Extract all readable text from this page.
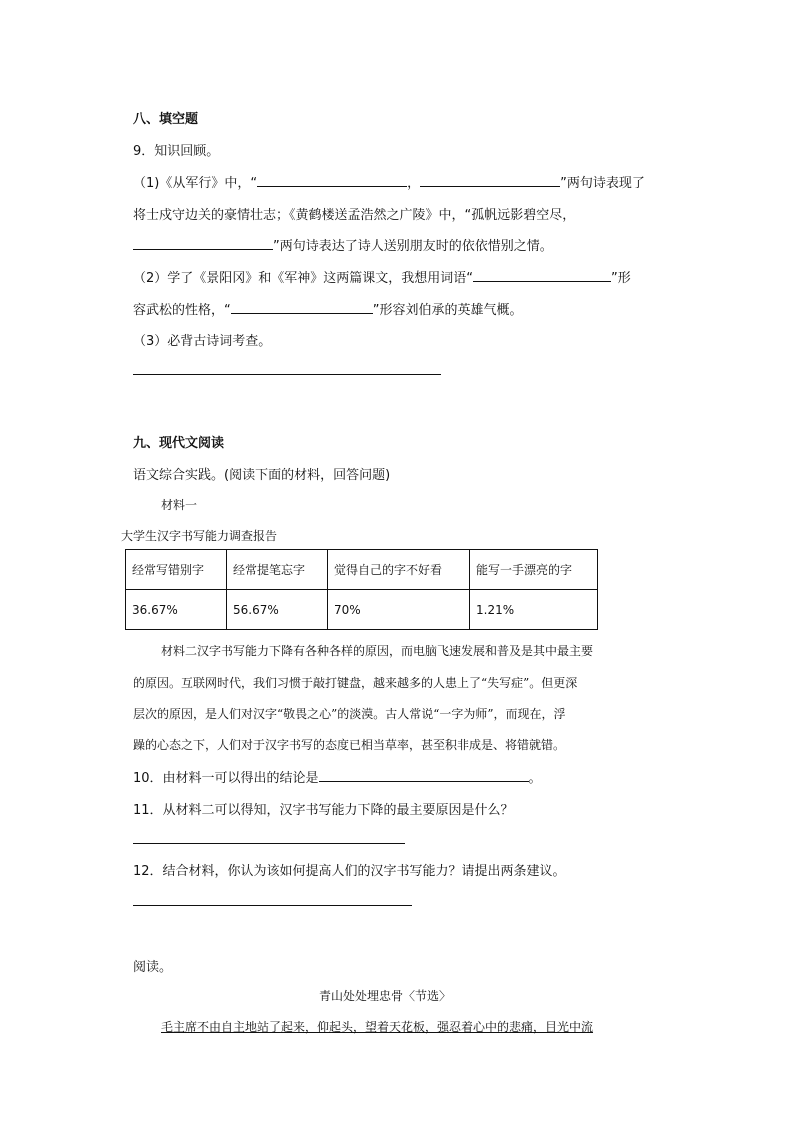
八、填空题
9．知识回顾。
（1)《从军行》中，“	，	”两句诗表现了
将士戍守边关的豪情壮志；《黄鹤楼送孟浩然之广陵》中，“孤帆远影碧空尽，
”两句诗表达了诗人送别朋友时的依依惜别之情。
（2）学了《景阳冈》和《军神》这两篇课文，我想用词语“	”形
容武松的性格，“	”形容刘伯承的英雄气概。
（3）必背古诗词考查。
九、现代文阅读
语文综合实践。(阅读下面的材料，回答问题)
材料一
大学生汉字书写能力调查报告
经常写错别字	经常提笔忘字	觉得自己的字不好看	能写一手漂亮的字
36.67%	56.67%	70%	1.21%
材料二汉字书写能力下降有各种各样的原因，而电脑飞速发展和普及是其中最主要
的原因。互联网时代，我们习惯于敲打键盘，越来越多的人患上了“失写症”。但更深
层次的原因，是人们对汉字“敬畏之心”的淡漠。古人常说“一字为师”，而现在，浮
躁的心态之下，人们对于汉字书写的态度已相当草率，甚至积非成是、将错就错。
10．由材料一可以得出的结论是	。
11．从材料二可以得知，汉字书写能力下降的最主要原因是什么？
12．结合材料，你认为该如何提高人们的汉字书写能力？请提出两条建议。
阅读。
青山处处埋忠骨〈节选〉
毛主席不由自主地站了起来，仰起头，望着天花板，强忍着心中的悲痛，目光中流
